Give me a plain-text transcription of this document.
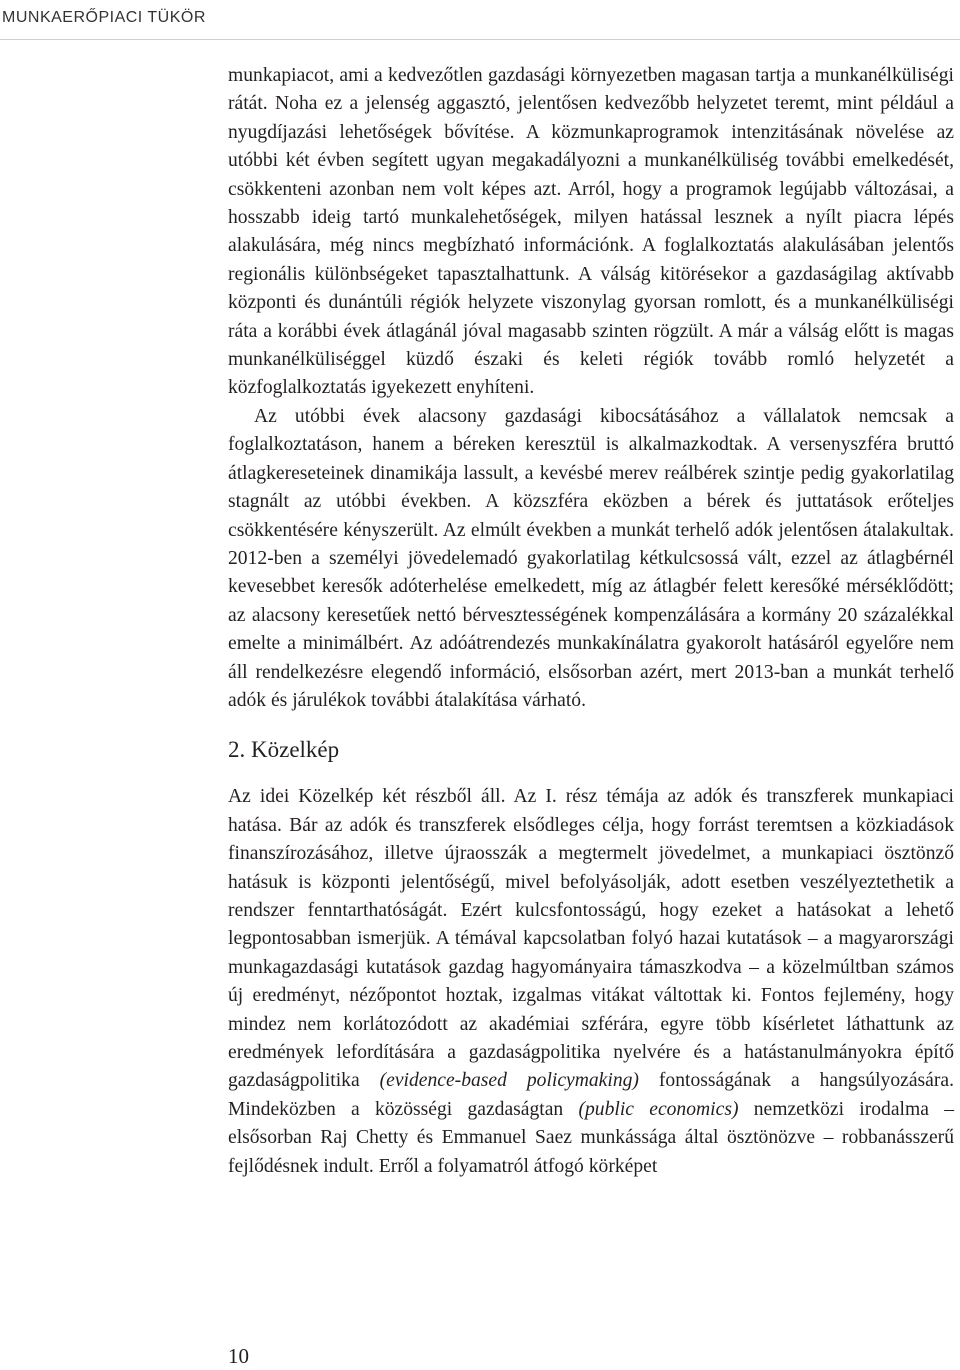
MUNKAERŐPIACI TÜKÖR

munkapiacot, ami a kedvezőtlen gazdasági környezetben magasan tartja a munkanélküliségi rátát. Noha ez a jelenség aggasztó, jelentősen kedvezőbb helyzetet teremt, mint például a nyugdíjazási lehetőségek bővítése. A közmunkaprogramok intenzitásának növelése az utóbbi két évben segített ugyan megakadályozni a munkanélküliség további emelkedését, csökkenteni azonban nem volt képes azt. Arról, hogy a programok legújabb változásai, a hosszabb ideig tartó munkalehetőségek, milyen hatással lesznek a nyílt piacra lépés alakulására, még nincs megbízható információnk. A foglalkoztatás alakulásában jelentős regionális különbségeket tapasztalhattunk. A válság kitörésekor a gazdaságilag aktívabb központi és dunántúli régiók helyzete viszonylag gyorsan romlott, és a munkanélküliségi ráta a korábbi évek átlagánál jóval magasabb szinten rögzült. A már a válság előtt is magas munkanélküliséggel küzdő északi és keleti régiók tovább romló helyzetét a közfoglalkoztatás igyekezett enyhíteni.

Az utóbbi évek alacsony gazdasági kibocsátásához a vállalatok nemcsak a foglalkoztatáson, hanem a béreken keresztül is alkalmazkodtak. A versenyszféra bruttó átlagkereseteinek dinamikája lassult, a kevésbé merev reálbérek szintje pedig gyakorlatilag stagnált az utóbbi években. A közszféra eközben a bérek és juttatások erőteljes csökkentésére kényszerült. Az elmúlt években a munkát terhelő adók jelentősen átalakultak. 2012-ben a személyi jövedelemadó gyakorlatilag kétkulcsossá vált, ezzel az átlagbérnél kevesebbet keresők adóterhelése emelkedett, míg az átlagbér felett keresőké mérséklődött; az alacsony keresetűek nettó bérvesztességének kompenzálására a kormány 20 százalékkal emelte a minimálbért. Az adóátrendezés munkakínálatra gyakorolt hatásáról egyelőre nem áll rendelkezésre elegendő információ, elsősorban azért, mert 2013-ban a munkát terhelő adók és járulékok további átalakítása várható.

2. Közelkép

Az idei Közelkép két részből áll. Az I. rész témája az adók és transzferek munkapiaci hatása. Bár az adók és transzferek elsődleges célja, hogy forrást teremtsen a közkiadások finanszírozásához, illetve újraosszák a megtermelt jövedelmet, a munkapiaci ösztönző hatásuk is központi jelentőségű, mivel befolyásolják, adott esetben veszélyeztethetik a rendszer fenntarthatóságát. Ezért kulcsfontosságú, hogy ezeket a hatásokat a lehető legpontosabban ismerjük. A témával kapcsolatban folyó hazai kutatások – a magyarországi munkagazdasági kutatások gazdag hagyományaira támaszkodva – a közelmúltban számos új eredményt, nézőpontot hoztak, izgalmas vitákat váltottak ki. Fontos fejlemény, hogy mindez nem korlátozódott az akadémiai szférára, egyre több kísérletet láthattunk az eredmények lefordítására a gazdaságpolitika nyelvére és a hatástanulmányokra építő gazdaságpolitika (evidence-based policymaking) fontosságának a hangsúlyozására. Mindeközben a közösségi gazdaságtan (public economics) nemzetközi irodalma – elsősorban Raj Chetty és Emmanuel Saez munkássága által ösztönözve – robbanásszerű fejlődésnek indult. Erről a folyamatról átfogó körképet

10
